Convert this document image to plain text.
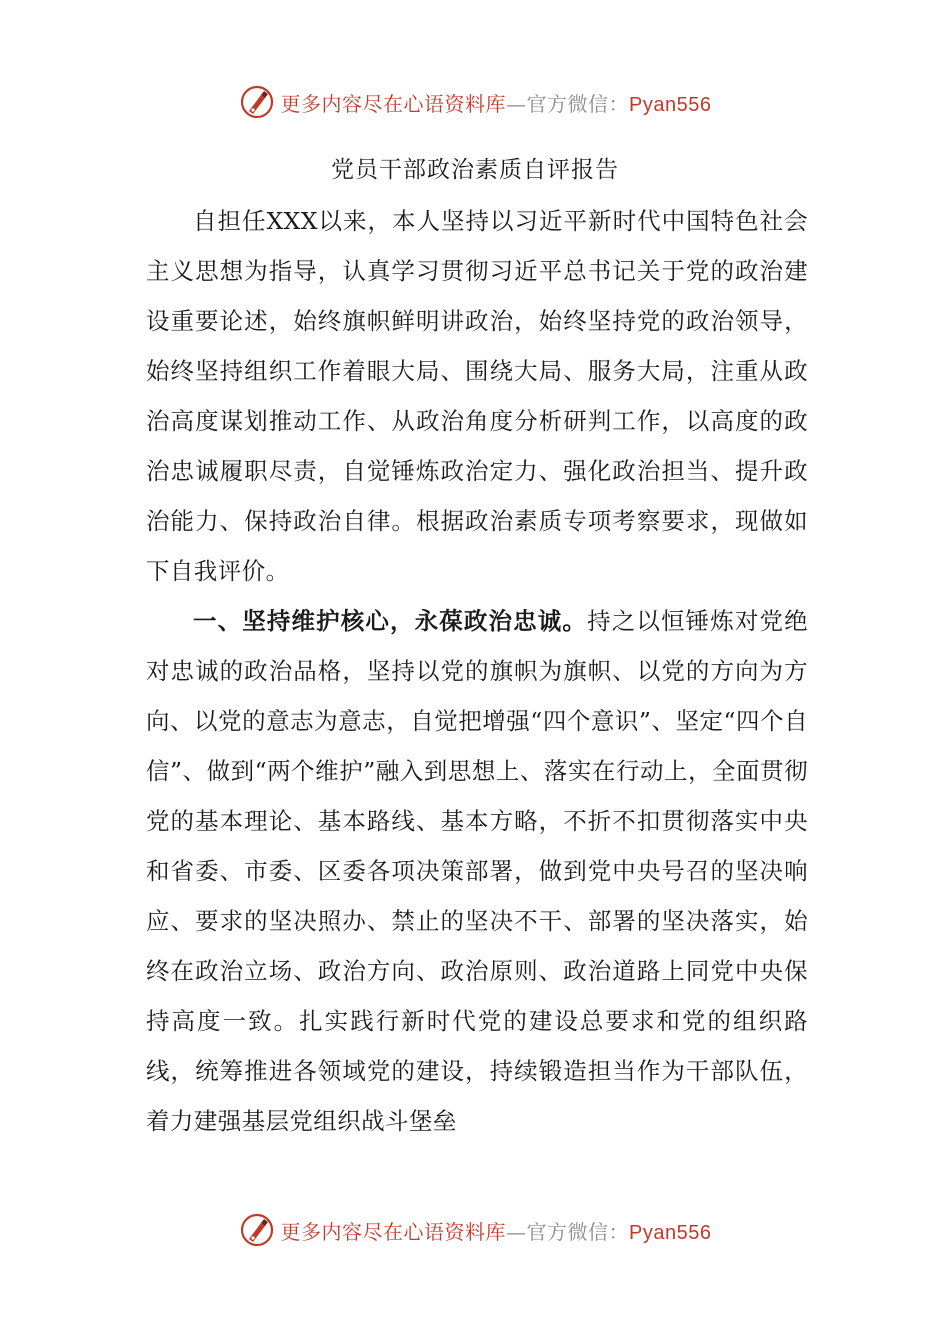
更多内容尽在心语资料库—官方微信：Pyan556
党员干部政治素质自评报告

自担任XXX以来，本人坚持以习近平新时代中国特色社会主义思想为指导，认真学习贯彻习近平总书记关于党的政治建设重要论述，始终旗帜鲜明讲政治，始终坚持党的政治领导，始终坚持组织工作着眼大局、围绕大局、服务大局，注重从政治高度谋划推动工作、从政治角度分析研判工作，以高度的政治忠诚履职尽责，自觉锤炼政治定力、强化政治担当、提升政治能力、保持政治自律。根据政治素质专项考察要求，现做如下自我评价。

一、坚持维护核心，永葆政治忠诚。持之以恒锤炼对党绝对忠诚的政治品格，坚持以党的旗帜为旗帜、以党的方向为方向、以党的意志为意志，自觉把增强“四个意识”、坚定“四个自信”、做到“两个维护”融入到思想上、落实在行动上，全面贯彻党的基本理论、基本路线、基本方略，不折不扣贯彻落实中央和省委、市委、区委各项决策部署，做到党中央号召的坚决响应、要求的坚决照办、禁止的坚决不干、部署的坚决落实，始终在政治立场、政治方向、政治原则、政治道路上同党中央保持高度一致。扎实践行新时代党的建设总要求和党的组织路线，统筹推进各领域党的建设，持续锻造担当作为干部队伍，着力建强基层党组织战斗堡垒

更多内容尽在心语资料库—官方微信：Pyan556
